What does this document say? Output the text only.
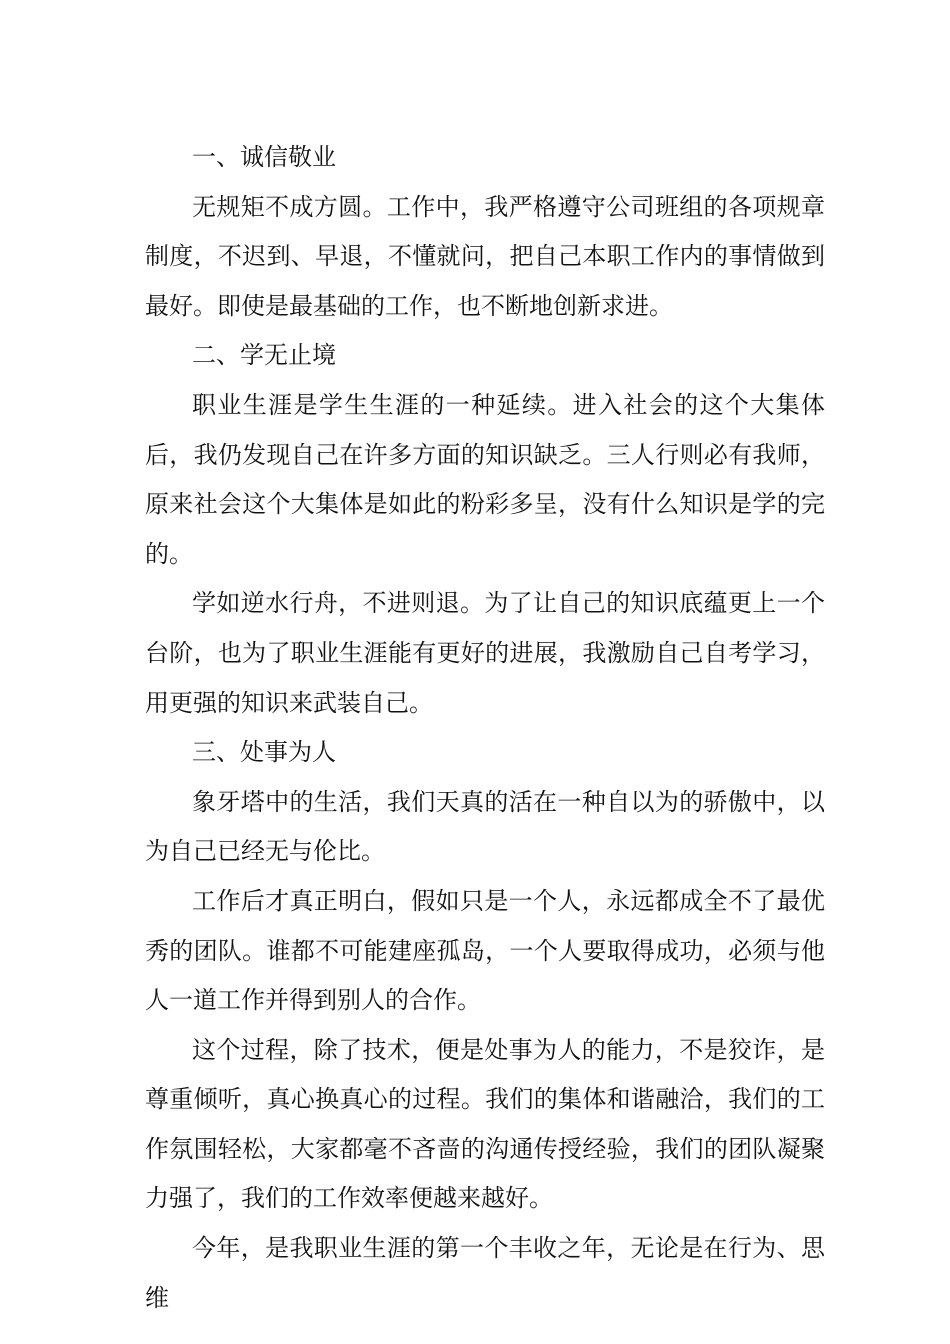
一、诚信敬业

无规矩不成方圆。工作中，我严格遵守公司班组的各项规章制度，不迟到、早退，不懂就问，把自己本职工作内的事情做到最好。即使是最基础的工作，也不断地创新求进。

二、学无止境

职业生涯是学生生涯的一种延续。进入社会的这个大集体后，我仍发现自己在许多方面的知识缺乏。三人行则必有我师，原来社会这个大集体是如此的粉彩多呈，没有什么知识是学的完的。

学如逆水行舟，不进则退。为了让自己的知识底蕴更上一个台阶，也为了职业生涯能有更好的进展，我激励自己自考学习，用更强的知识来武装自己。

三、处事为人

象牙塔中的生活，我们天真的活在一种自以为的骄傲中，以为自己已经无与伦比。

工作后才真正明白，假如只是一个人，永远都成全不了最优秀的团队。谁都不可能建座孤岛，一个人要取得成功，必须与他人一道工作并得到别人的合作。

这个过程，除了技术，便是处事为人的能力，不是狡诈，是尊重倾听，真心换真心的过程。我们的集体和谐融洽，我们的工作氛围轻松，大家都毫不吝啬的沟通传授经验，我们的团队凝聚力强了，我们的工作效率便越来越好。

今年，是我职业生涯的第一个丰收之年，无论是在行为、思维
